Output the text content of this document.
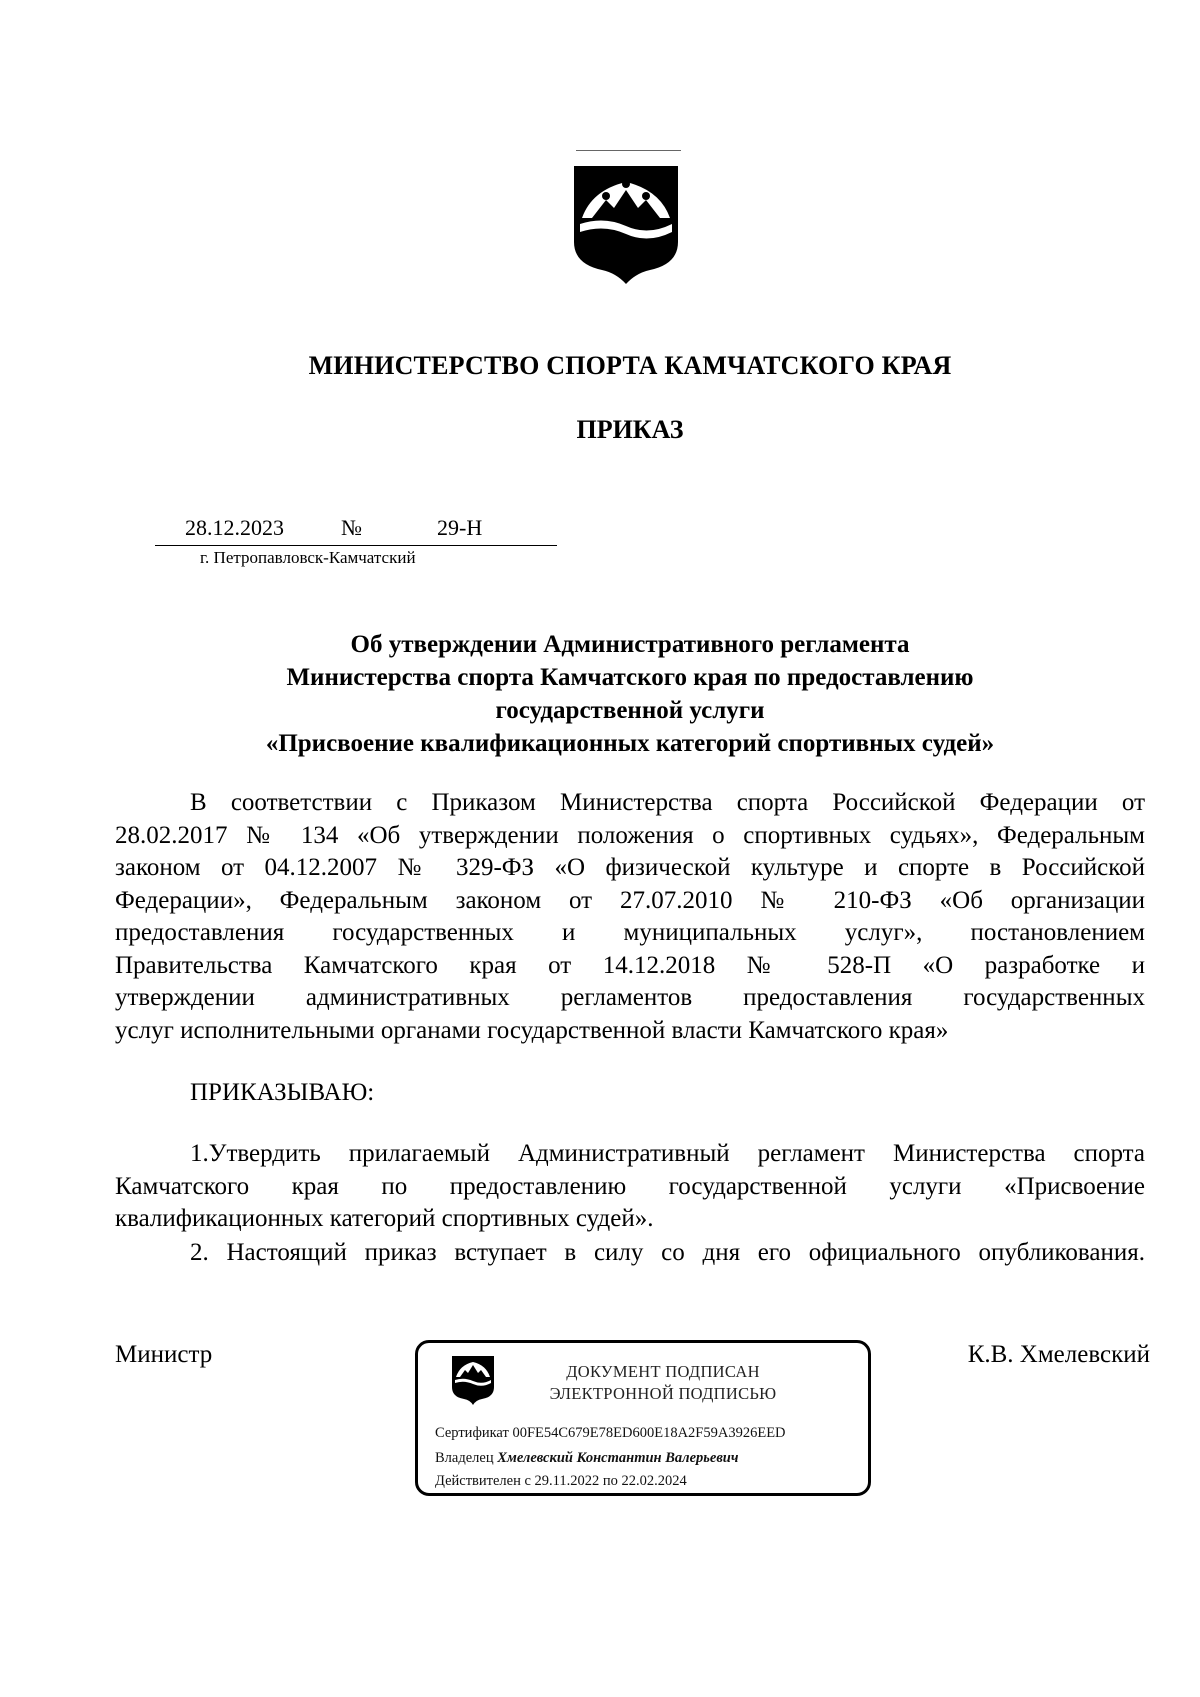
МИНИСТЕРСТВО СПОРТА КАМЧАТСКОГО КРАЯ
ПРИКАЗ
28.12.2023	№	29-Н
г. Петропавловск-Камчатский
Об утверждении Административного регламента
Министерства спорта Камчатского края по предоставлению
государственной услуги
«Присвоение квалификационных категорий спортивных судей»
В соответствии с Приказом Министерства спорта Российской Федерации от
28.02.2017 № 134 «Об утверждении положения о спортивных судьях», Федеральным
законом от 04.12.2007 № 329-ФЗ «О физической культуре и спорте в Российской
Федерации», Федеральным законом от 27.07.2010 № 210-ФЗ «Об организации
предоставления государственных и муниципальных услуг», постановлением
Правительства Камчатского края от 14.12.2018 № 528-П «О разработке и
утверждении административных регламентов предоставления государственных
услуг исполнительными органами государственной власти Камчатского края»
ПРИКАЗЫВАЮ:
1.Утвердить прилагаемый Административный регламент Министерства спорта
Камчатского края по предоставлению государственной услуги «Присвоение
квалификационных категорий спортивных судей».
2. Настоящий приказ вступает в силу со дня его официального опубликования.
Министр	К.В. Хмелевский
ДОКУМЕНТ ПОДПИСАН
ЭЛЕКТРОННОЙ ПОДПИСЬЮ
Сертификат 00FE54C679E78ED600E18A2F59A3926EED
Владелец Хмелевский Константин Валерьевич
Действителен с 29.11.2022 по 22.02.2024
